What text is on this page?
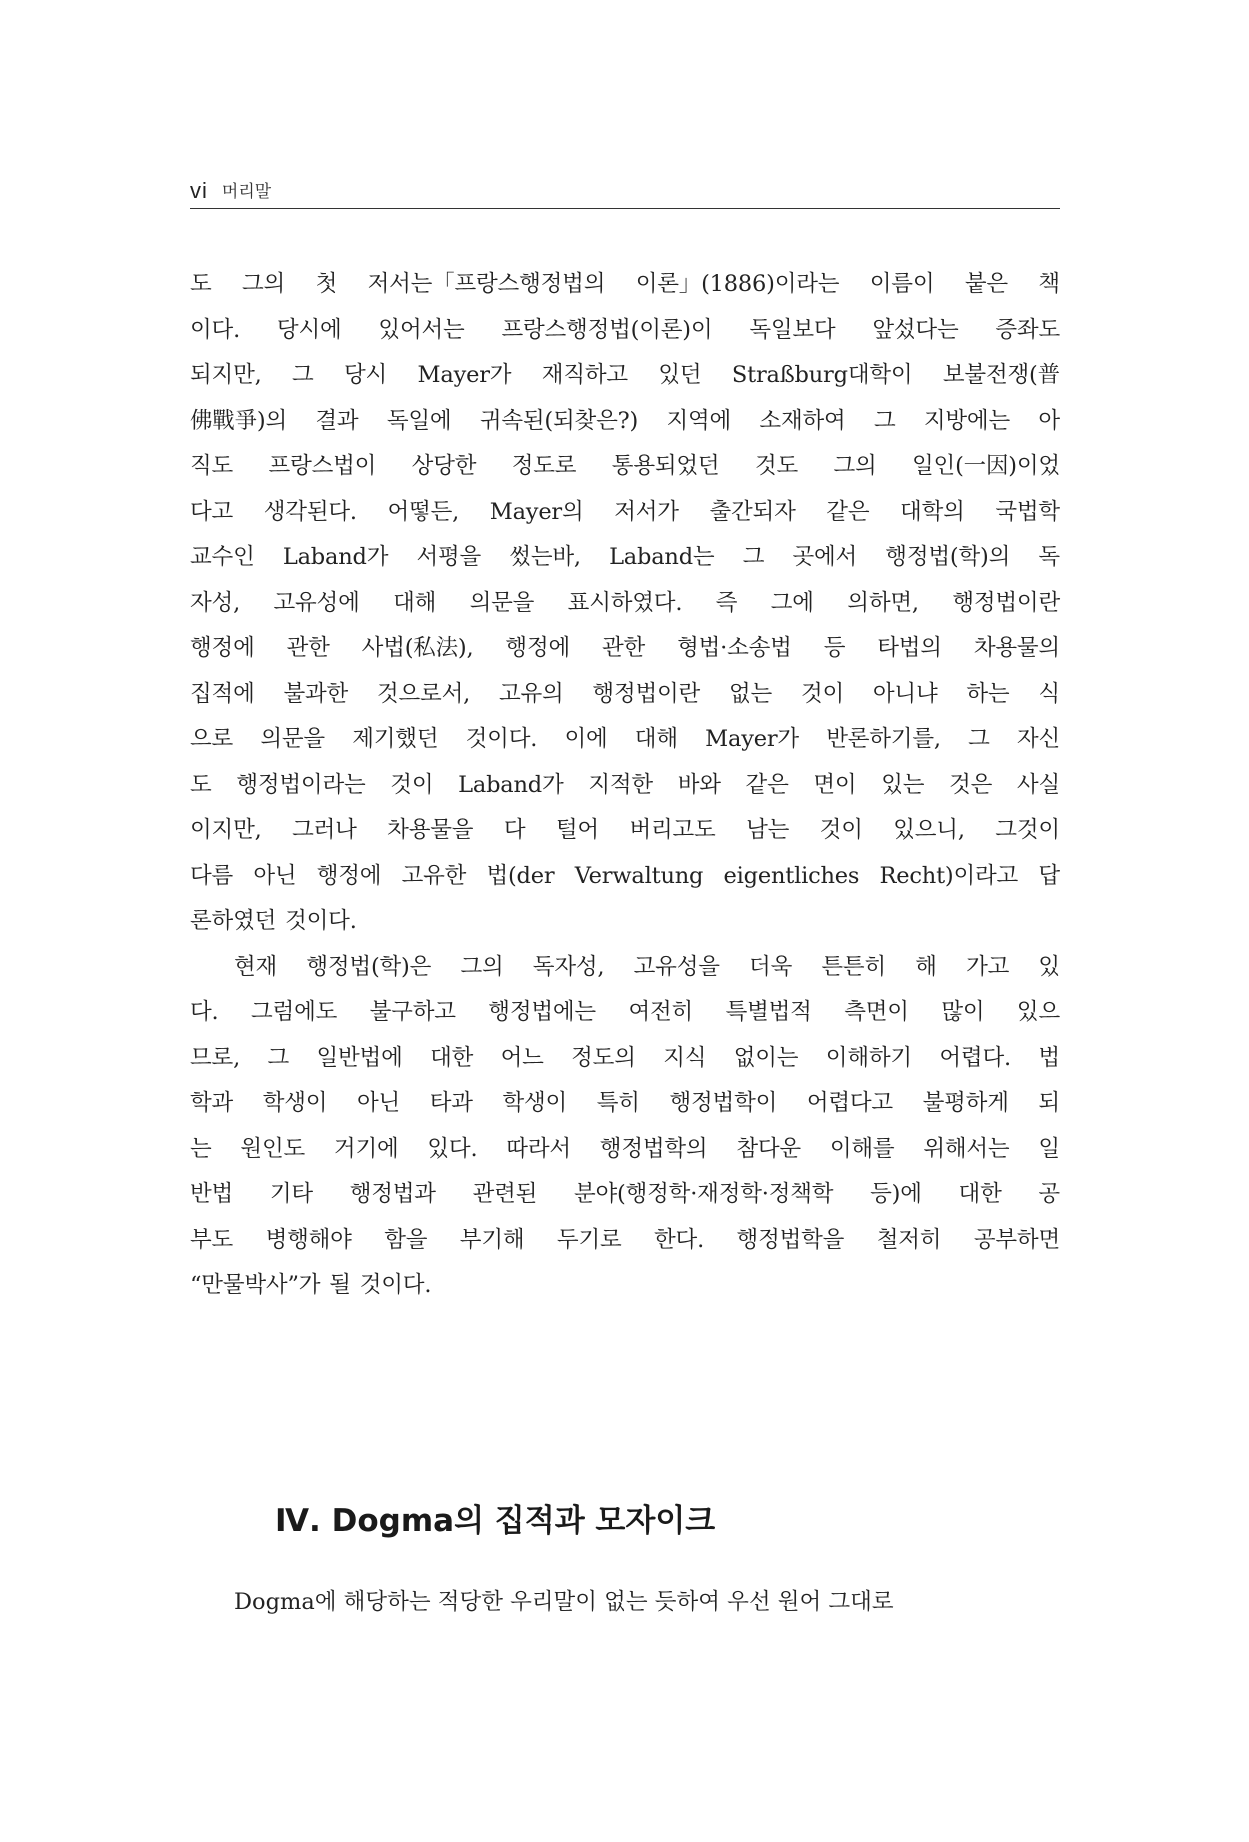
vi 머리말
도 그의 첫 저서는「프랑스행정법의 이론」(1886)이라는 이름이 붙은 책
이다. 당시에 있어서는 프랑스행정법(이론)이 독일보다 앞섰다는 증좌도
되지만, 그 당시 Mayer가 재직하고 있던 Straßburg대학이 보불전쟁(普
佛戰爭)의 결과 독일에 귀속된(되찾은?) 지역에 소재하여 그 지방에는 아
직도 프랑스법이 상당한 정도로 통용되었던 것도 그의 일인(一因)이었
다고 생각된다. 어떻든, Mayer의 저서가 출간되자 같은 대학의 국법학
교수인 Laband가 서평을 썼는바, Laband는 그 곳에서 행정법(학)의 독
자성, 고유성에 대해 의문을 표시하였다. 즉 그에 의하면, 행정법이란
행정에 관한 사법(私法), 행정에 관한 형법·소송법 등 타법의 차용물의
집적에 불과한 것으로서, 고유의 행정법이란 없는 것이 아니냐 하는 식
으로 의문을 제기했던 것이다. 이에 대해 Mayer가 반론하기를, 그 자신
도 행정법이라는 것이 Laband가 지적한 바와 같은 면이 있는 것은 사실
이지만, 그러나 차용물을 다 털어 버리고도 남는 것이 있으니, 그것이
다름 아닌 행정에 고유한 법(der Verwaltung eigentliches Recht)이라고 답
론하였던 것이다.
현재 행정법(학)은 그의 독자성, 고유성을 더욱 튼튼히 해 가고 있
다. 그럼에도 불구하고 행정법에는 여전히 특별법적 측면이 많이 있으
므로, 그 일반법에 대한 어느 정도의 지식 없이는 이해하기 어렵다. 법
학과 학생이 아닌 타과 학생이 특히 행정법학이 어렵다고 불평하게 되
는 원인도 거기에 있다. 따라서 행정법학의 참다운 이해를 위해서는 일
반법 기타 행정법과 관련된 분야(행정학·재정학·정책학 등)에 대한 공
부도 병행해야 함을 부기해 두기로 한다. 행정법학을 철저히 공부하면
“만물박사”가 될 것이다.
Ⅳ. Dogma의 집적과 모자이크
Dogma에 해당하는 적당한 우리말이 없는 듯하여 우선 원어 그대로
